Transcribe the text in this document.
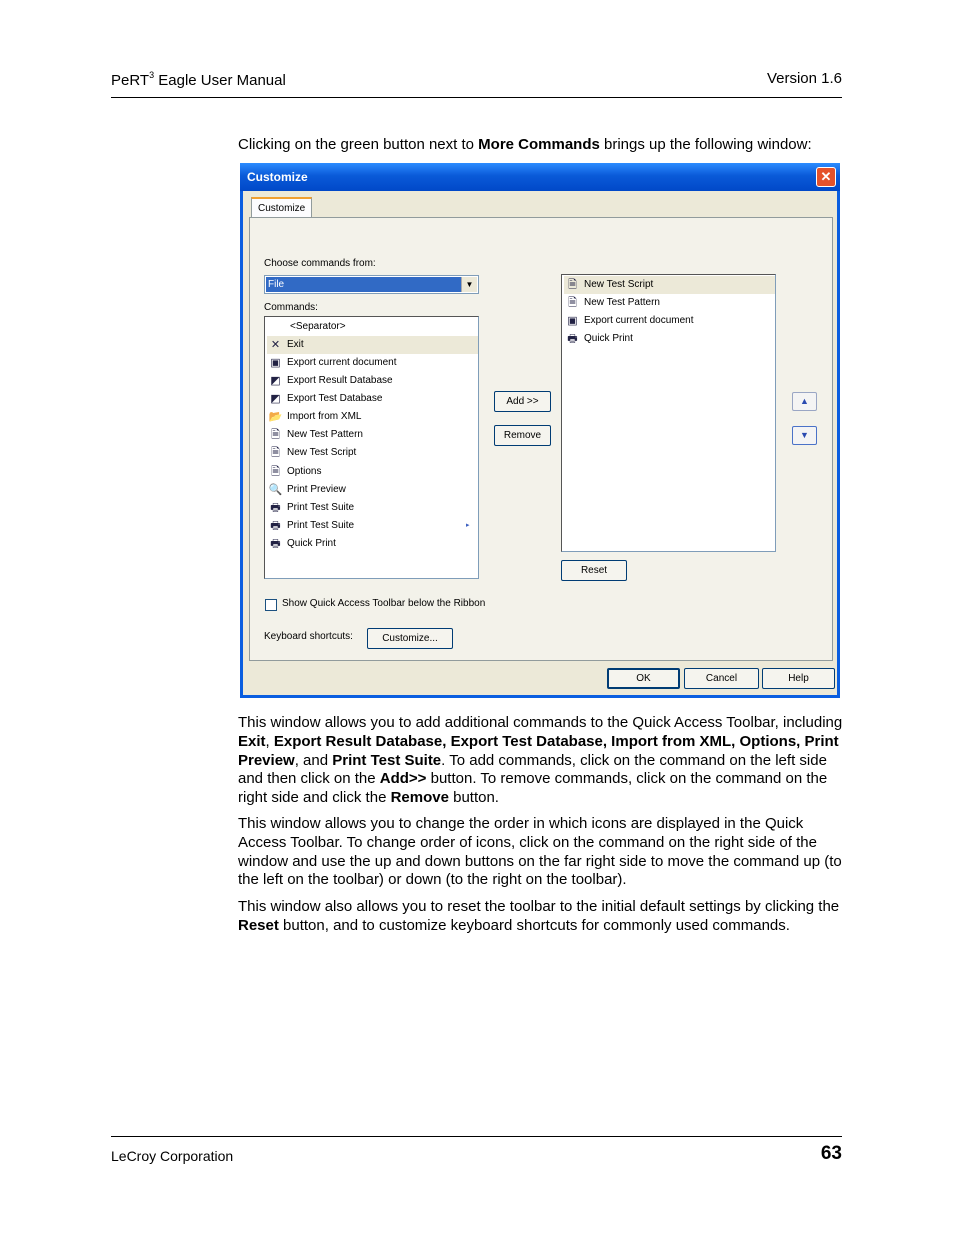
PeRT$^3$ Eagle User Manual	Version 1.6
Clicking on the green button next to More Commands brings up the following window:
Customize	✕
Customize
Choose commands from:
File	▼
Commands:
<Separator>
✕ Exit
▣ Export current document
◩ Export Result Database
◩ Export Test Database
📂 Import from XML
🗎 New Test Pattern
🗎 New Test Script
🗎 Options
🔍 Print Preview
🖶 Print Test Suite
🖶 Print Test Suite	▸
🖶 Quick Print
Add >>
Remove
🗎 New Test Script
🗎 New Test Pattern
▣ Export current document
🖶 Quick Print
▲
▼
Reset
Show Quick Access Toolbar below the Ribbon
Keyboard shortcuts:	Customize...
OK	Cancel	Help
This window allows you to add additional commands to the Quick Access Toolbar, including Exit, Export Result Database, Export Test Database, Import from XML, Options, Print Preview, and Print Test Suite. To add commands, click on the command on the left side and then click on the Add>> button. To remove commands, click on the command on the right side and click the Remove button.
This window allows you to change the order in which icons are displayed in the Quick Access Toolbar. To change order of icons, click on the command on the right side of the window and use the up and down buttons on the far right side to move the command up (to the left on the toolbar) or down (to the right on the toolbar).
This window also allows you to reset the toolbar to the initial default settings by clicking the Reset button, and to customize keyboard shortcuts for commonly used commands.
LeCroy Corporation	63
